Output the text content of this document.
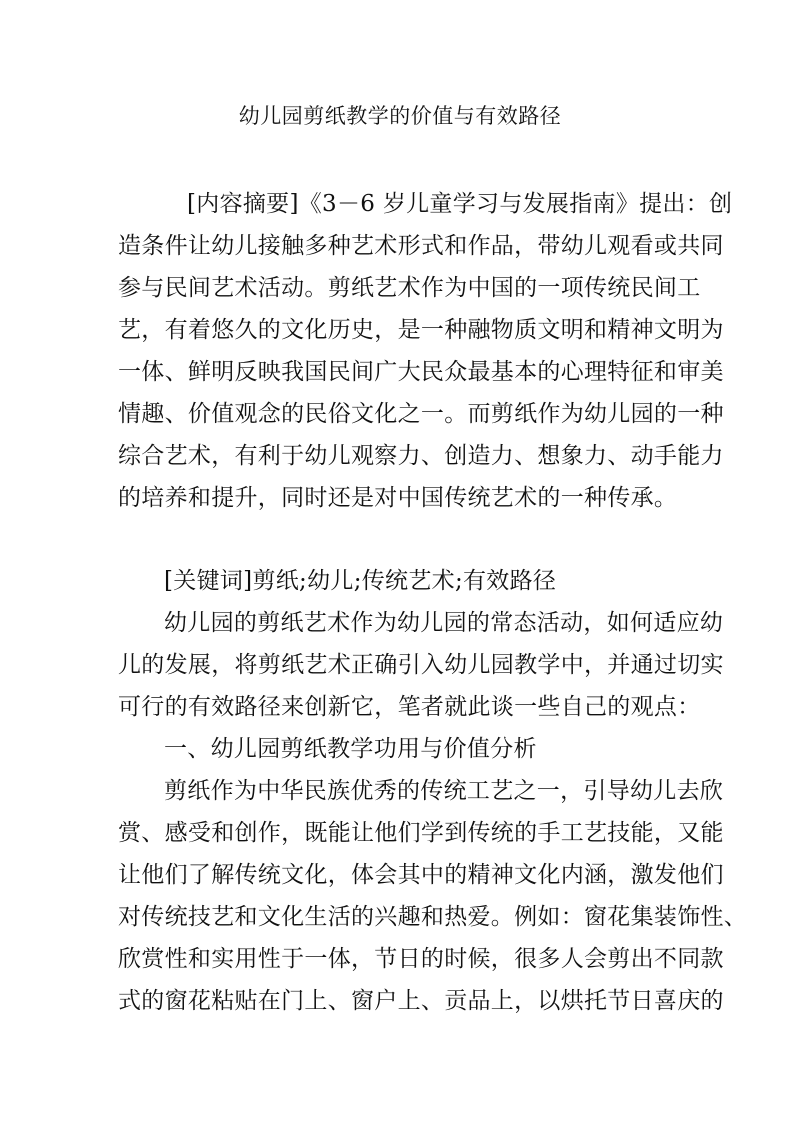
幼儿园剪纸教学的价值与有效路径
[内容摘要]《3－6 岁儿童学习与发展指南》提出：创
造条件让幼儿接触多种艺术形式和作品，带幼儿观看或共同
参与民间艺术活动。剪纸艺术作为中国的一项传统民间工
艺，有着悠久的文化历史，是一种融物质文明和精神文明为
一体、鲜明反映我国民间广大民众最基本的心理特征和审美
情趣、价值观念的民俗文化之一。而剪纸作为幼儿园的一种
综合艺术，有利于幼儿观察力、创造力、想象力、动手能力
的培养和提升，同时还是对中国传统艺术的一种传承。
[关键词]剪纸;幼儿;传统艺术;有效路径
幼儿园的剪纸艺术作为幼儿园的常态活动，如何适应幼
儿的发展，将剪纸艺术正确引入幼儿园教学中，并通过切实
可行的有效路径来创新它，笔者就此谈一些自己的观点：
一、幼儿园剪纸教学功用与价值分析
剪纸作为中华民族优秀的传统工艺之一，引导幼儿去欣
赏、感受和创作，既能让他们学到传统的手工艺技能，又能
让他们了解传统文化，体会其中的精神文化内涵，激发他们
对传统技艺和文化生活的兴趣和热爱。例如：窗花集装饰性、
欣赏性和实用性于一体，节日的时候，很多人会剪出不同款
式的窗花粘贴在门上、窗户上、贡品上，以烘托节日喜庆的
